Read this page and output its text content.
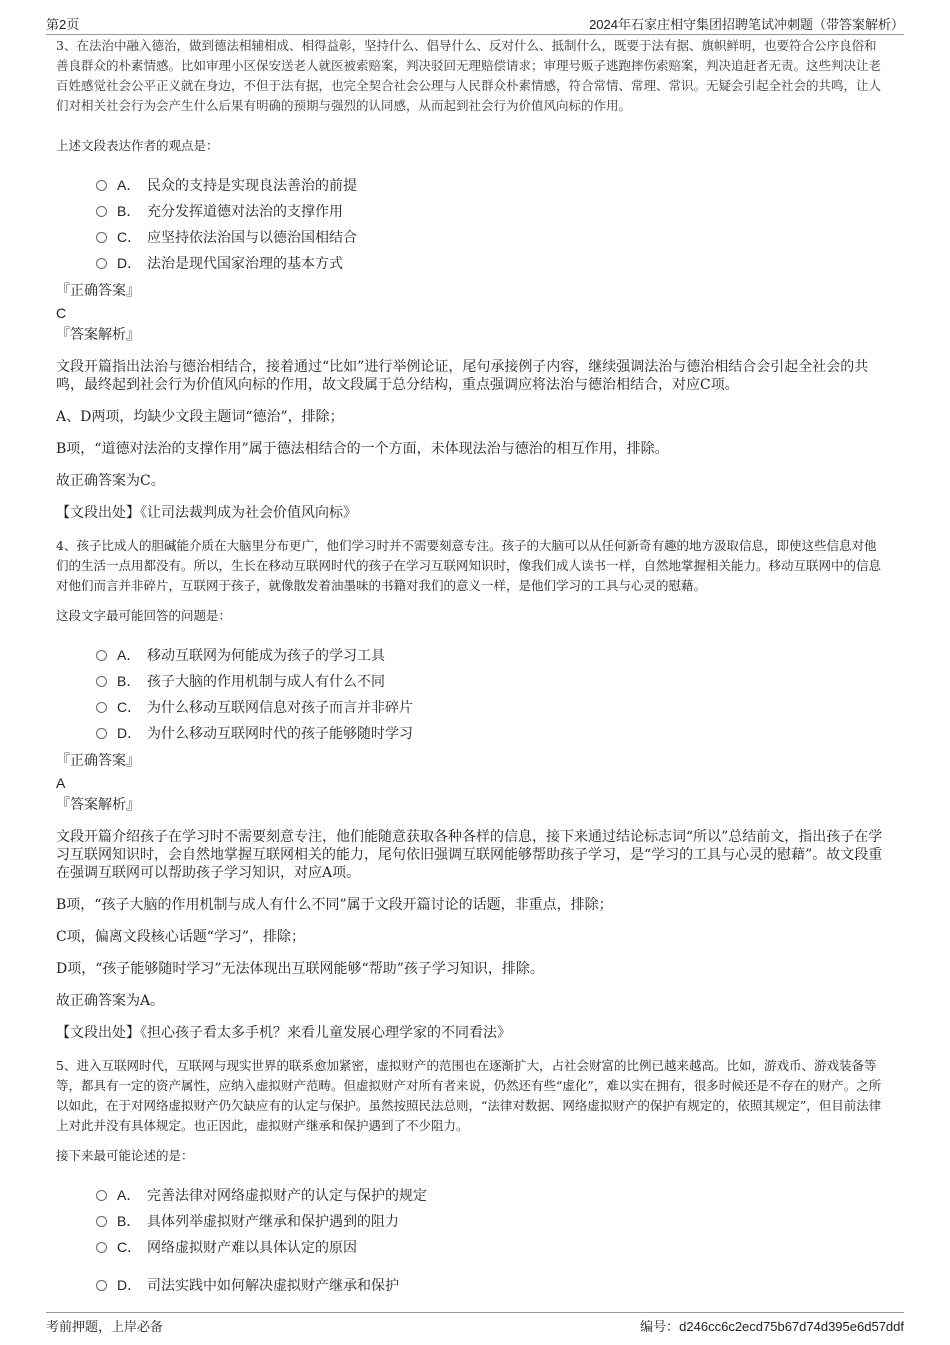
第2页	2024年石家庄相守集团招聘笔试冲刺题（带答案解析）

3、在法治中融入德治，做到德法相辅相成、相得益彰，坚持什么、倡导什么、反对什么、抵制什么，既要于法有据、旗帜鲜明，也要符合公序良俗和善良群众的朴素情感。比如审理小区保安送老人就医被索赔案，判决驳回无理赔偿请求；审理号贩子逃跑摔伤索赔案，判决追赶者无责。这些判决让老百姓感觉社会公平正义就在身边，不但于法有据，也完全契合社会公理与人民群众朴素情感，符合常情、常理、常识。无疑会引起全社会的共鸣，让人们对相关社会行为会产生什么后果有明确的预期与强烈的认同感，从而起到社会行为价值风向标的作用。

上述文段表达作者的观点是：

A． 民众的支持是实现良法善治的前提
B． 充分发挥道德对法治的支撑作用
C． 应坚持依法治国与以德治国相结合
D． 法治是现代国家治理的基本方式

『正确答案』

C

『答案解析』

文段开篇指出法治与德治相结合，接着通过“比如”进行举例论证，尾句承接例子内容，继续强调法治与德治相结合会引起全社会的共鸣，最终起到社会行为价值风向标的作用，故文段属于总分结构，重点强调应将法治与德治相结合，对应C项。

A、D两项，均缺少文段主题词“德治”，排除；

B项，“道德对法治的支撑作用”属于德法相结合的一个方面，未体现法治与德治的相互作用，排除。

故正确答案为C。

【文段出处】《让司法裁判成为社会价值风向标》

4、孩子比成人的胆碱能介质在大脑里分布更广，他们学习时并不需要刻意专注。孩子的大脑可以从任何新奇有趣的地方汲取信息，即使这些信息对他们的生活一点用都没有。所以，生长在移动互联网时代的孩子在学习互联网知识时，像我们成人读书一样，自然地掌握相关能力。移动互联网中的信息对他们而言并非碎片，互联网于孩子，就像散发着油墨味的书籍对我们的意义一样，是他们学习的工具与心灵的慰藉。

这段文字最可能回答的问题是：

A． 移动互联网为何能成为孩子的学习工具
B． 孩子大脑的作用机制与成人有什么不同
C． 为什么移动互联网信息对孩子而言并非碎片
D． 为什么移动互联网时代的孩子能够随时学习

『正确答案』

A

『答案解析』

文段开篇介绍孩子在学习时不需要刻意专注，他们能随意获取各种各样的信息，接下来通过结论标志词“所以”总结前文，指出孩子在学习互联网知识时，会自然地掌握互联网相关的能力，尾句依旧强调互联网能够帮助孩子学习，是“学习的工具与心灵的慰藉”。故文段重在强调互联网可以帮助孩子学习知识，对应A项。

B项，“孩子大脑的作用机制与成人有什么不同”属于文段开篇讨论的话题，非重点，排除；

C项，偏离文段核心话题“学习”，排除；

D项，“孩子能够随时学习”无法体现出互联网能够“帮助”孩子学习知识，排除。

故正确答案为A。

【文段出处】《担心孩子看太多手机？来看儿童发展心理学家的不同看法》

5、进入互联网时代，互联网与现实世界的联系愈加紧密，虚拟财产的范围也在逐渐扩大，占社会财富的比例已越来越高。比如，游戏币、游戏装备等等，都具有一定的资产属性，应纳入虚拟财产范畴。但虚拟财产对所有者来说，仍然还有些“虚化”，难以实在拥有，很多时候还是不存在的财产。之所以如此，在于对网络虚拟财产仍欠缺应有的认定与保护。虽然按照民法总则，“法律对数据、网络虚拟财产的保护有规定的，依照其规定”，但目前法律上对此并没有具体规定。也正因此，虚拟财产继承和保护遇到了不少阻力。

接下来最可能论述的是：

A． 完善法律对网络虚拟财产的认定与保护的规定
B． 具体列举虚拟财产继承和保护遇到的阻力
C． 网络虚拟财产难以具体认定的原因
D． 司法实践中如何解决虚拟财产继承和保护
考前押题，上岸必备	编号：d246cc6c2ecd75b67d74d395e6d57ddf
